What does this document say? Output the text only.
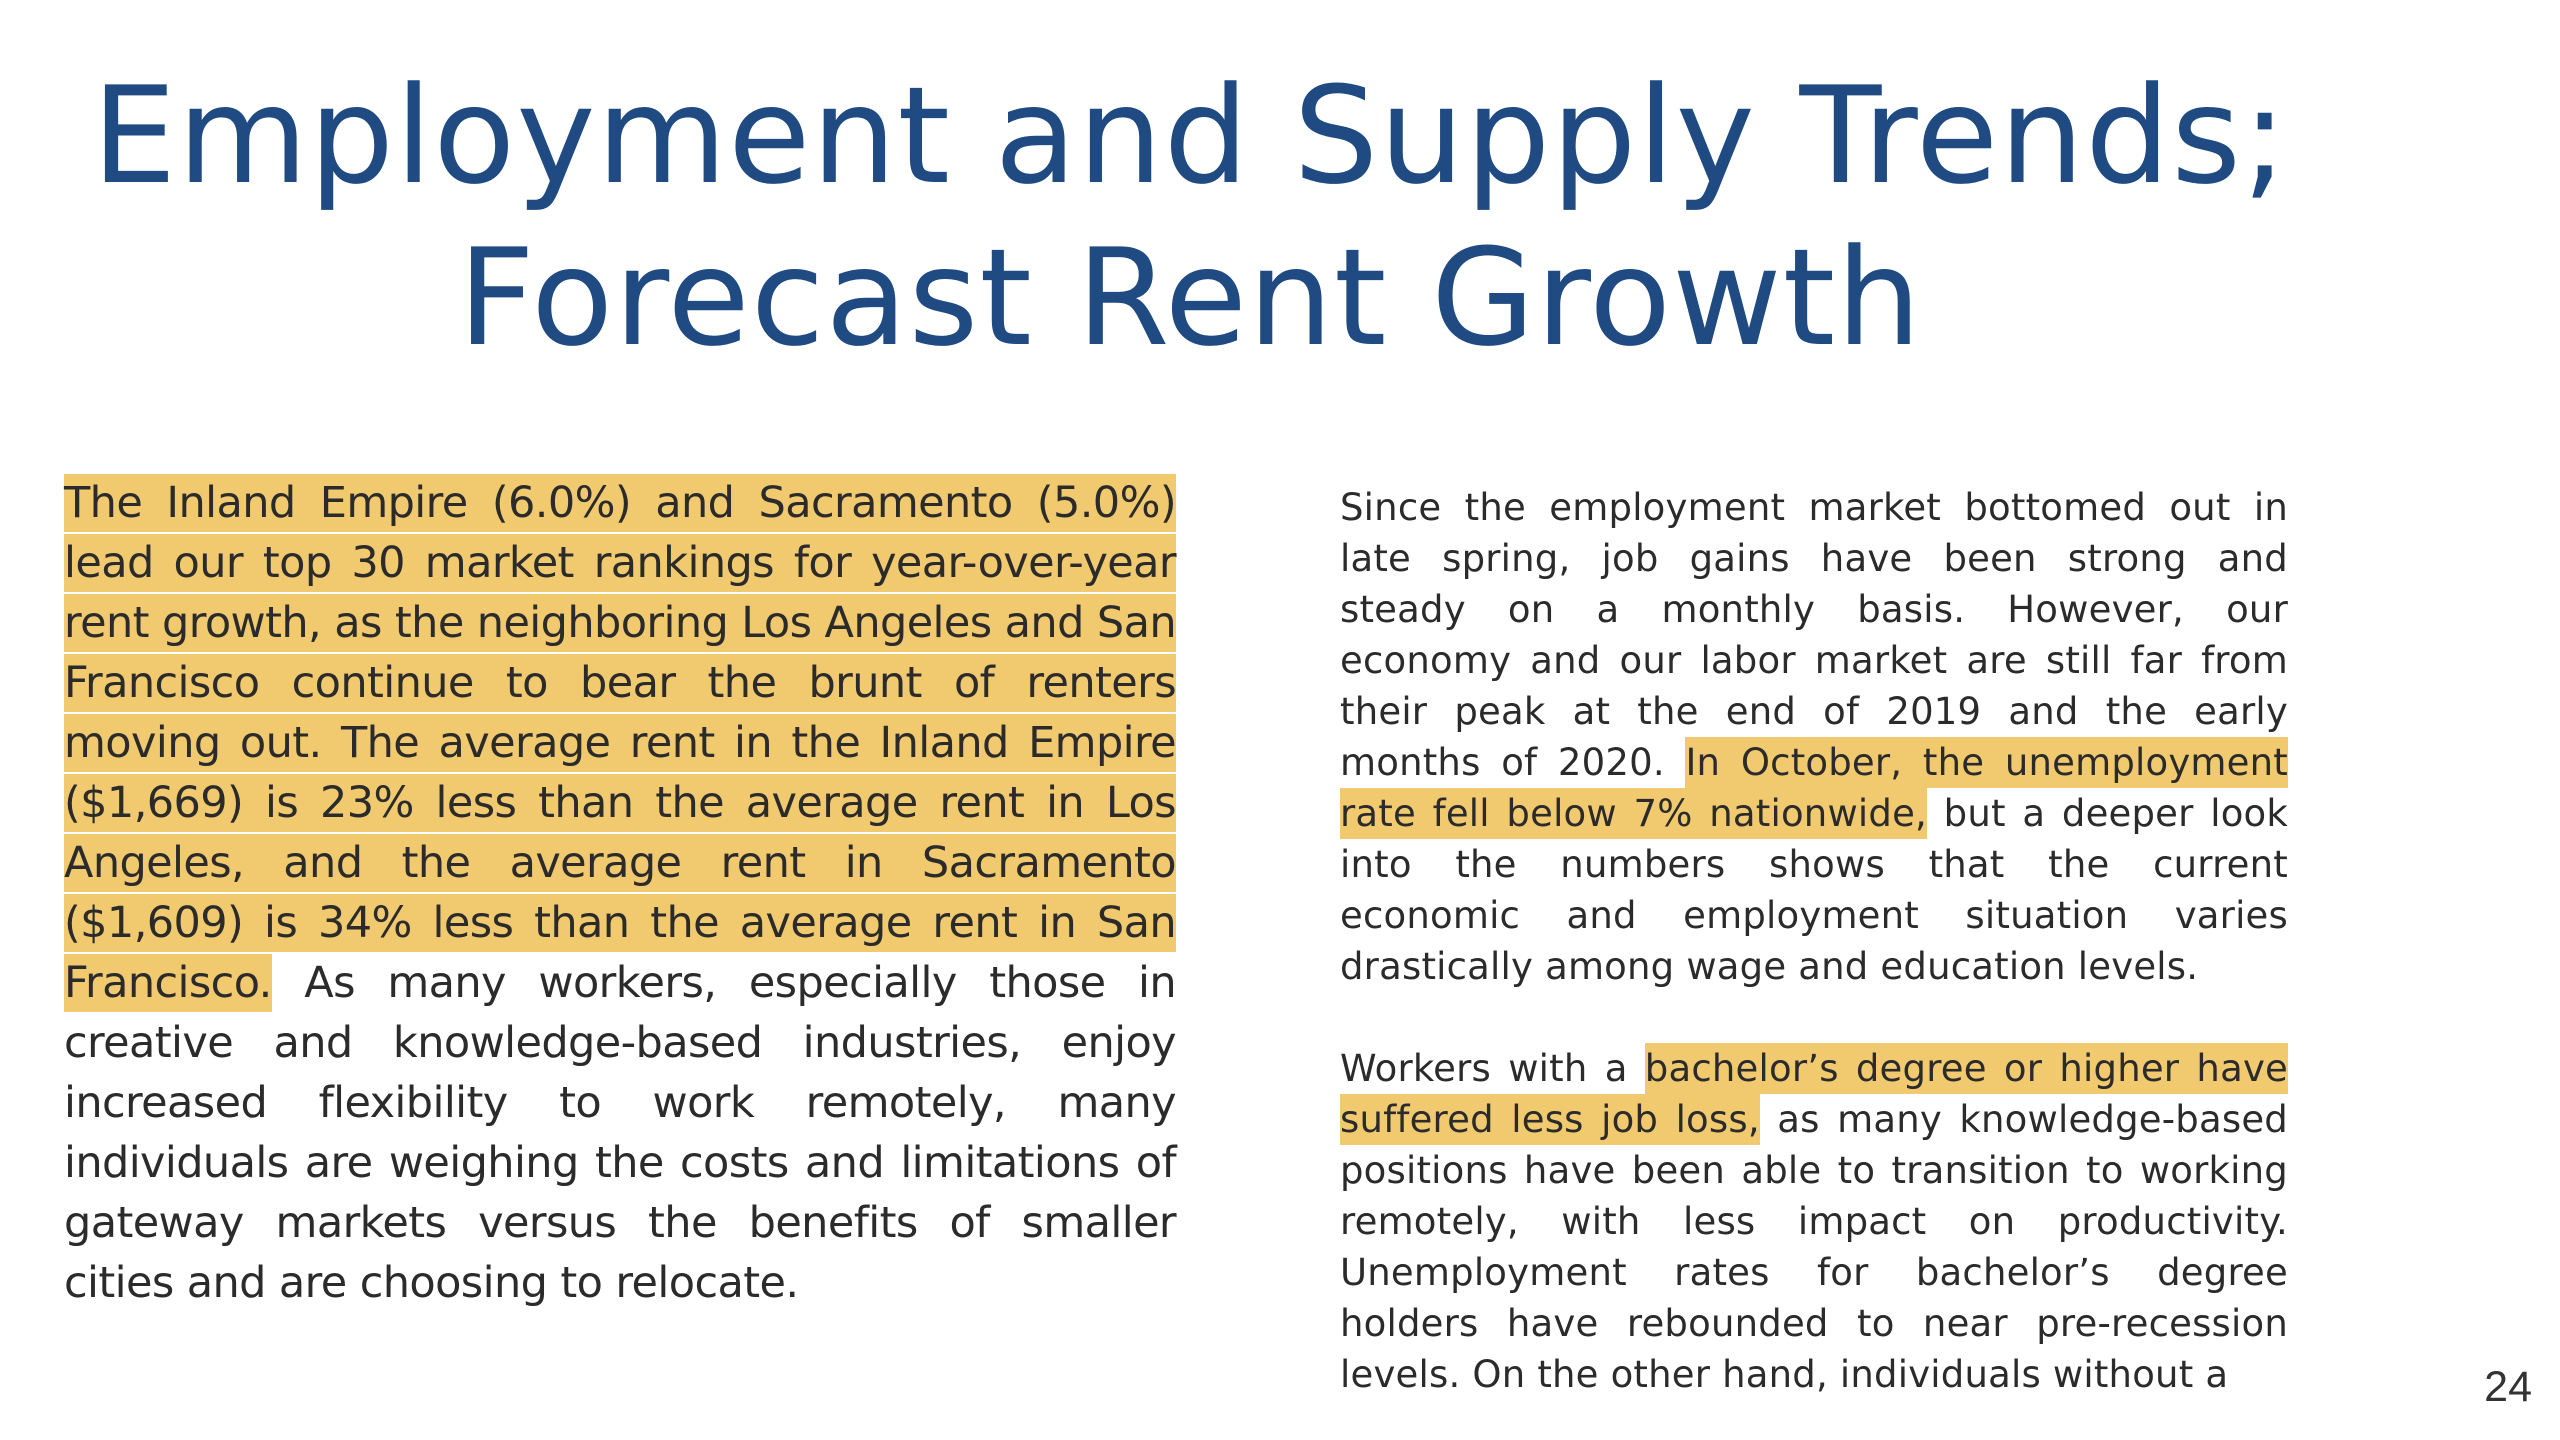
Employment and Supply Trends;
Forecast Rent Growth

The Inland Empire (6.0%) and Sacramento (5.0%) lead our top 30 market rankings for year-over-year rent growth, as the neighboring Los Angeles and San Francisco continue to bear the brunt of renters moving out. The average rent in the Inland Empire ($1,669) is 23% less than the average rent in Los Angeles, and the average rent in Sacramento ($1,609) is 34% less than the average rent in San Francisco. As many workers, especially those in creative and knowledge-based industries, enjoy increased flexibility to work remotely, many individuals are weighing the costs and limitations of gateway markets versus the benefits of smaller cities and are choosing to relocate.

Since the employment market bottomed out in late spring, job gains have been strong and steady on a monthly basis. However, our economy and our labor market are still far from their peak at the end of 2019 and the early months of 2020. In October, the unemployment rate fell below 7% nationwide, but a deeper look into the numbers shows that the current economic and employment situation varies drastically among wage and education levels.

Workers with a bachelor’s degree or higher have suffered less job loss, as many knowledge-based positions have been able to transition to working remotely, with less impact on productivity. Unemployment rates for bachelor’s degree holders have rebounded to near pre-recession levels. On the other hand, individuals without a	24
